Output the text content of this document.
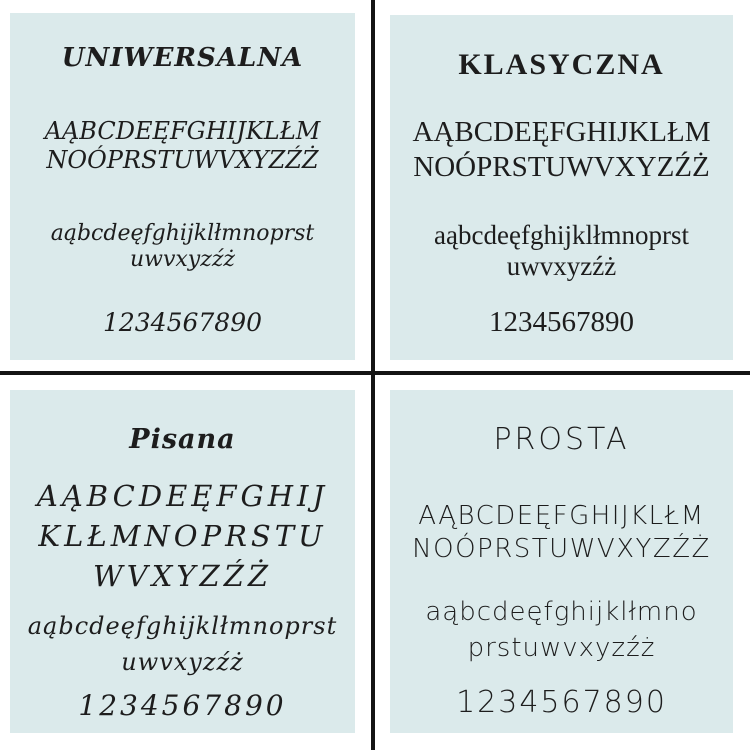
UNIWERSALNA
AĄBCDEĘFGHIJKLŁM
NOÓPRSTUWVXYZŹŻ
aąbcdeęfghijklłmnoprst
uwvxyzźż
1234567890
KLASYCZNA
AĄBCDEĘFGHIJKLŁM
NOÓPRSTUWVXYZŹŻ
aąbcdeęfghijklłmnoprst
uwvxyzźż
1234567890
Pisana
AĄBCDEĘFGHIJ
KLŁMNOPRSTU
WVXYZŹŻ
aąbcdeęfghijklłmnoprst
uwvxyzźż
1234567890
PROSTA
AĄBCDEĘFGHIJKLŁM
NOÓPRSTUWVXYZŹŻ
aąbcdeęfghijklłmno
prstuwvxyzźż
1234567890
